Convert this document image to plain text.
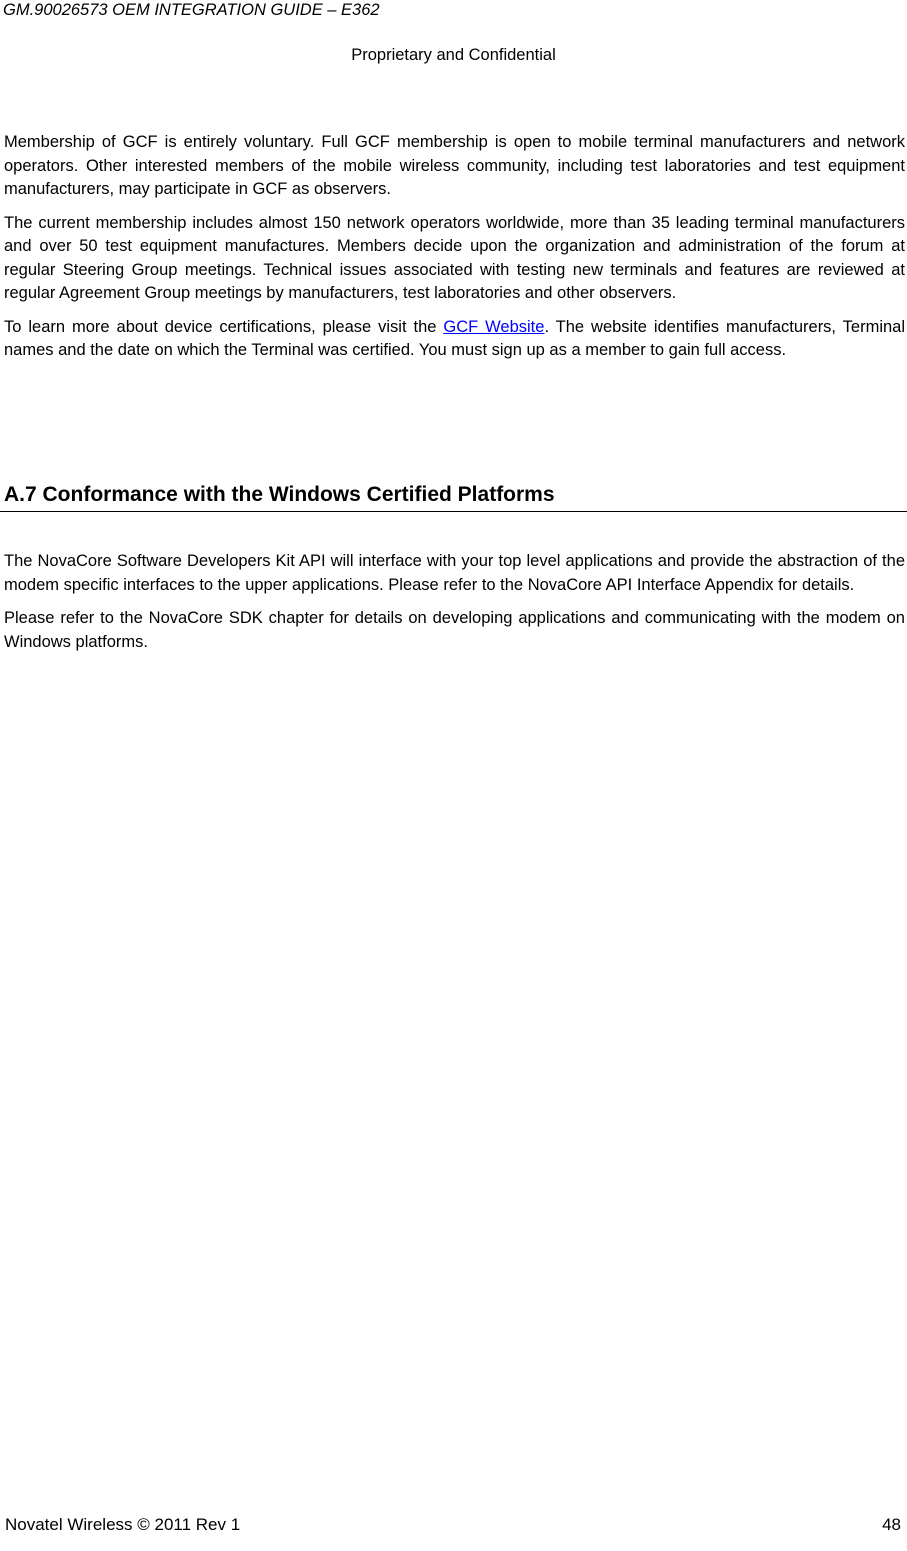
GM.90026573 OEM INTEGRATION GUIDE – E362
Proprietary and Confidential

Membership of GCF is entirely voluntary. Full GCF membership is open to mobile terminal manufacturers and network operators. Other interested members of the mobile wireless community, including test laboratories and test equipment manufacturers, may participate in GCF as observers.

The current membership includes almost 150 network operators worldwide, more than 35 leading terminal manufacturers and over 50 test equipment manufactures. Members decide upon the organization and administration of the forum at regular Steering Group meetings. Technical issues associated with testing new terminals and features are reviewed at regular Agreement Group meetings by manufacturers, test laboratories and other observers.

To learn more about device certifications, please visit the GCF Website. The website identifies manufacturers, Terminal names and the date on which the Terminal was certified. You must sign up as a member to gain full access.

A.7 Conformance with the Windows Certified Platforms

The NovaCore Software Developers Kit API will interface with your top level applications and provide the abstraction of the modem specific interfaces to the upper applications. Please refer to the NovaCore API Interface Appendix for details.

Please refer to the NovaCore SDK chapter for details on developing applications and communicating with the modem on Windows platforms.

Novatel Wireless © 2011 Rev 1	48
